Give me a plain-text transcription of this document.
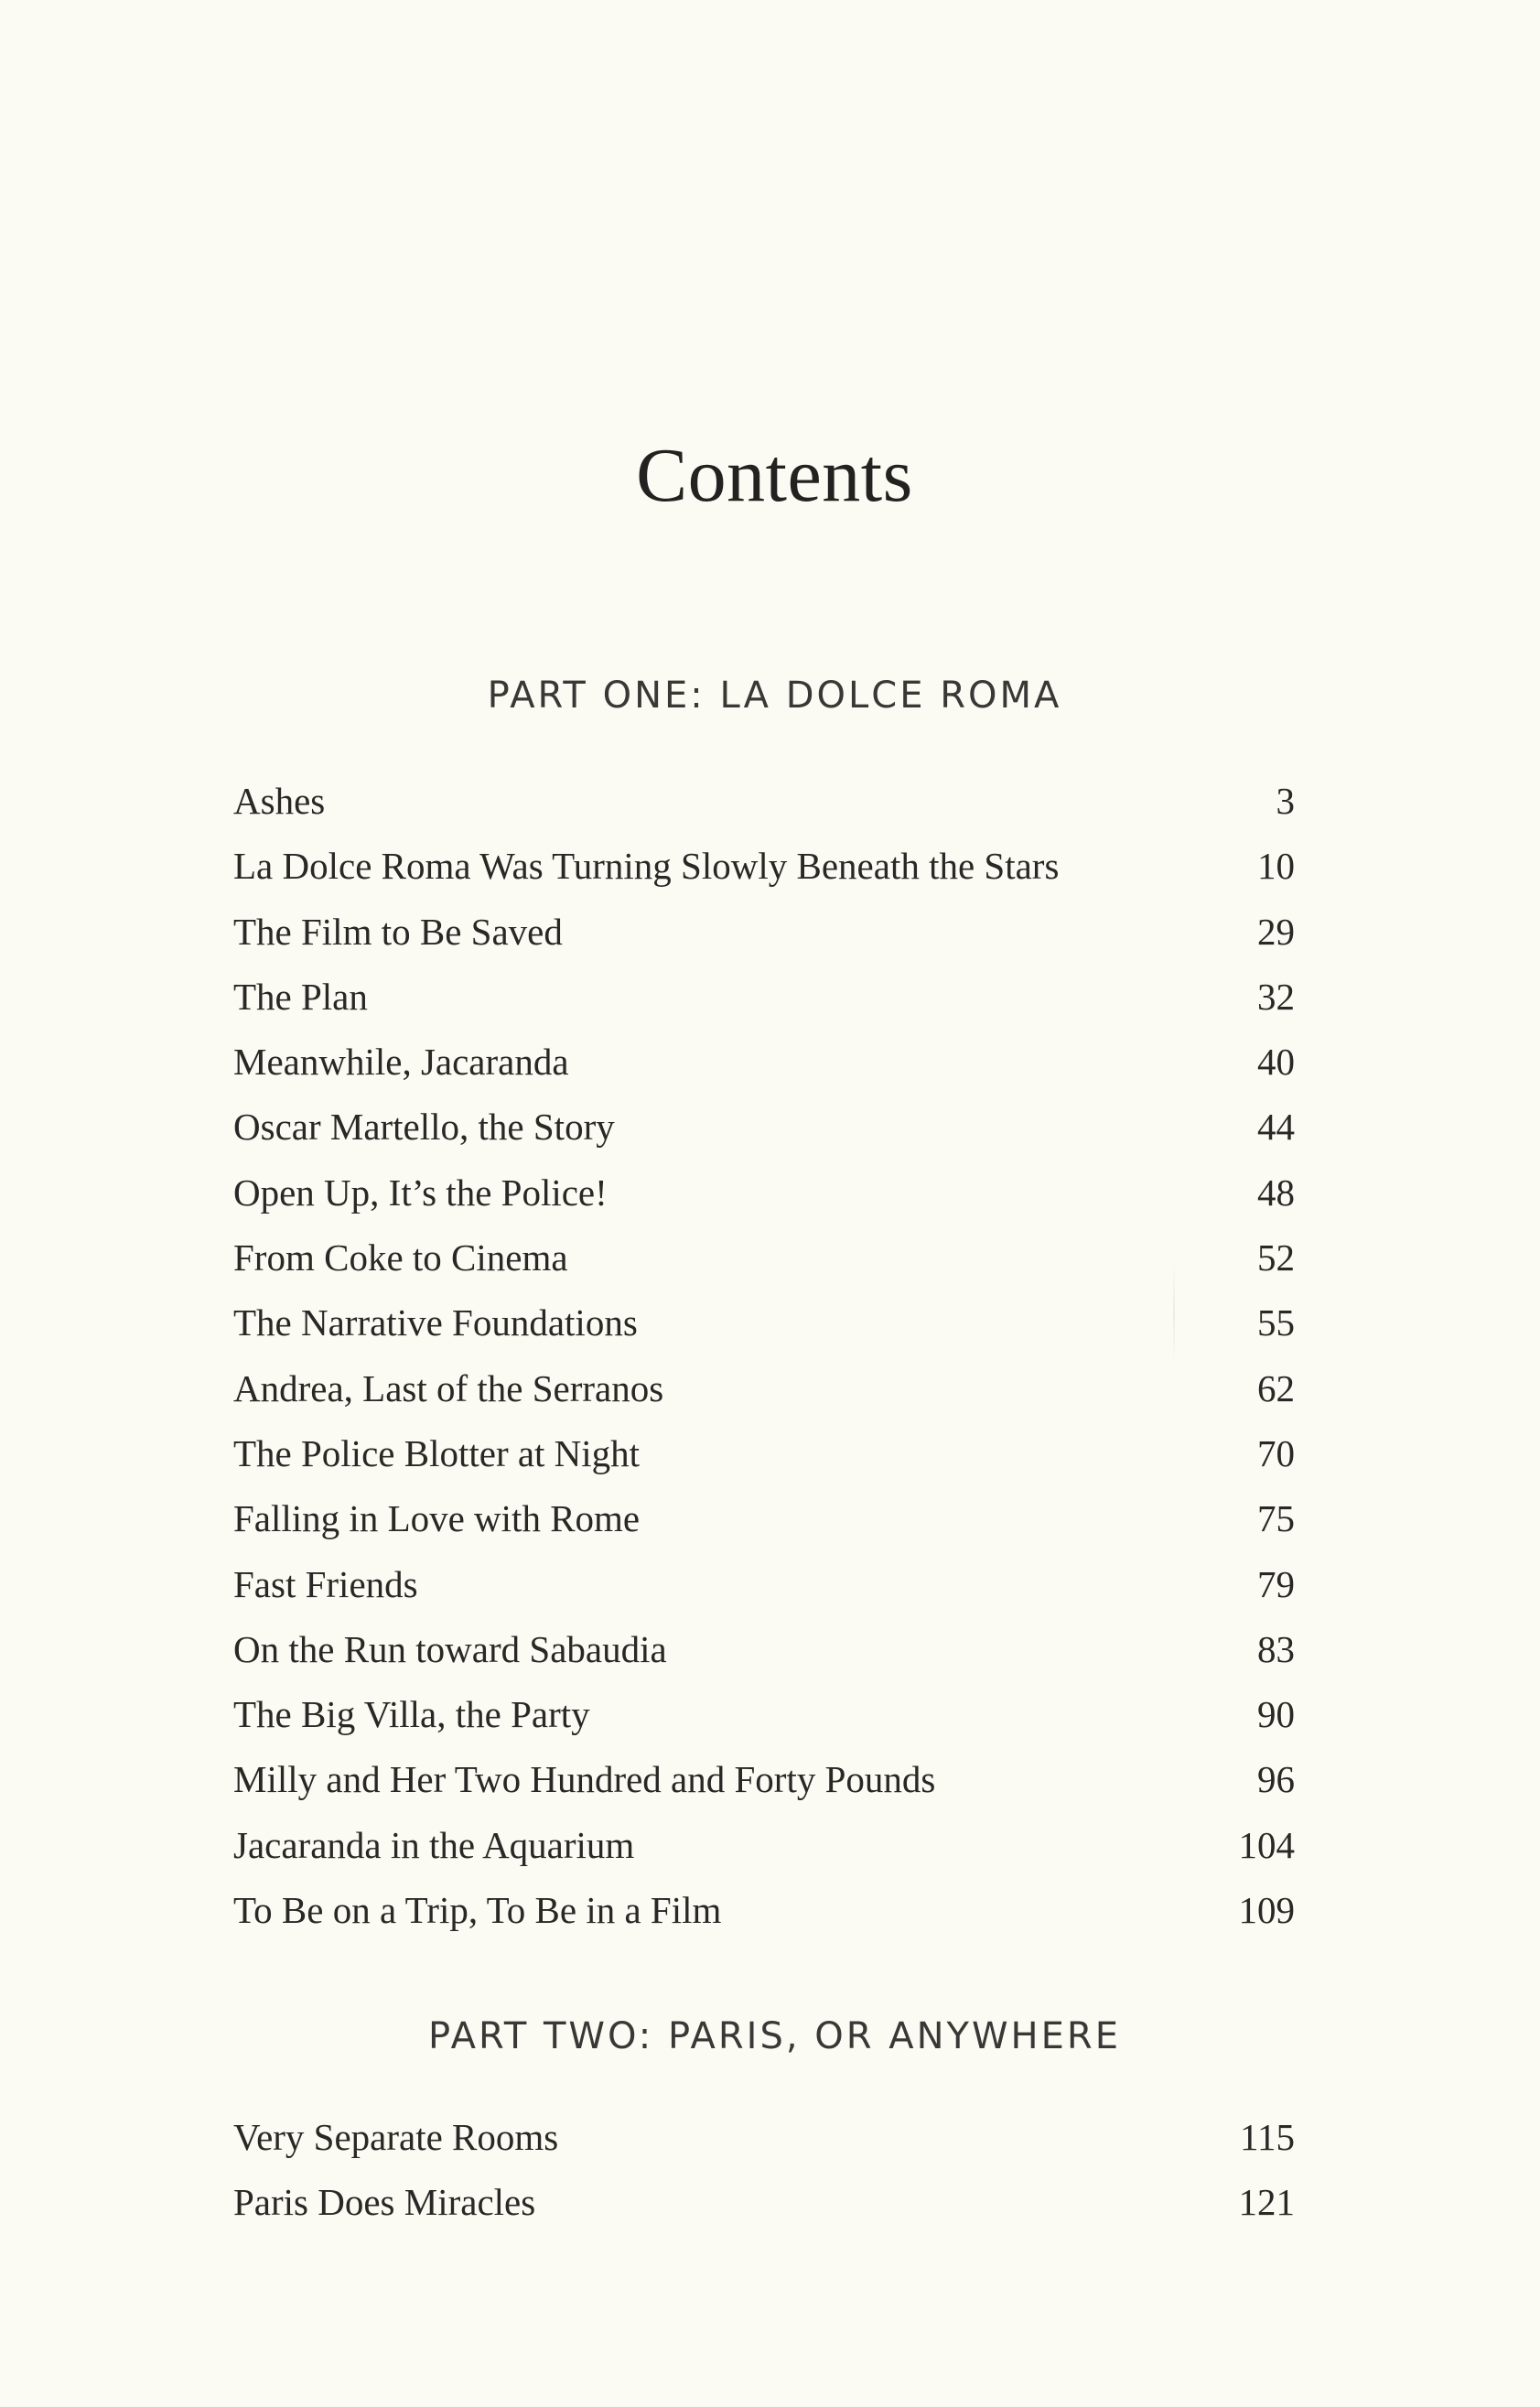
Contents
PART ONE: LA DOLCE ROMA
Ashes	3
La Dolce Roma Was Turning Slowly Beneath the Stars	10
The Film to Be Saved	29
The Plan	32
Meanwhile, Jacaranda	40
Oscar Martello, the Story	44
Open Up, It’s the Police!	48
From Coke to Cinema	52
The Narrative Foundations	55
Andrea, Last of the Serranos	62
The Police Blotter at Night	70
Falling in Love with Rome	75
Fast Friends	79
On the Run toward Sabaudia	83
The Big Villa, the Party	90
Milly and Her Two Hundred and Forty Pounds	96
Jacaranda in the Aquarium	104
To Be on a Trip, To Be in a Film	109
PART TWO: PARIS, OR ANYWHERE
Very Separate Rooms	115
Paris Does Miracles	121
